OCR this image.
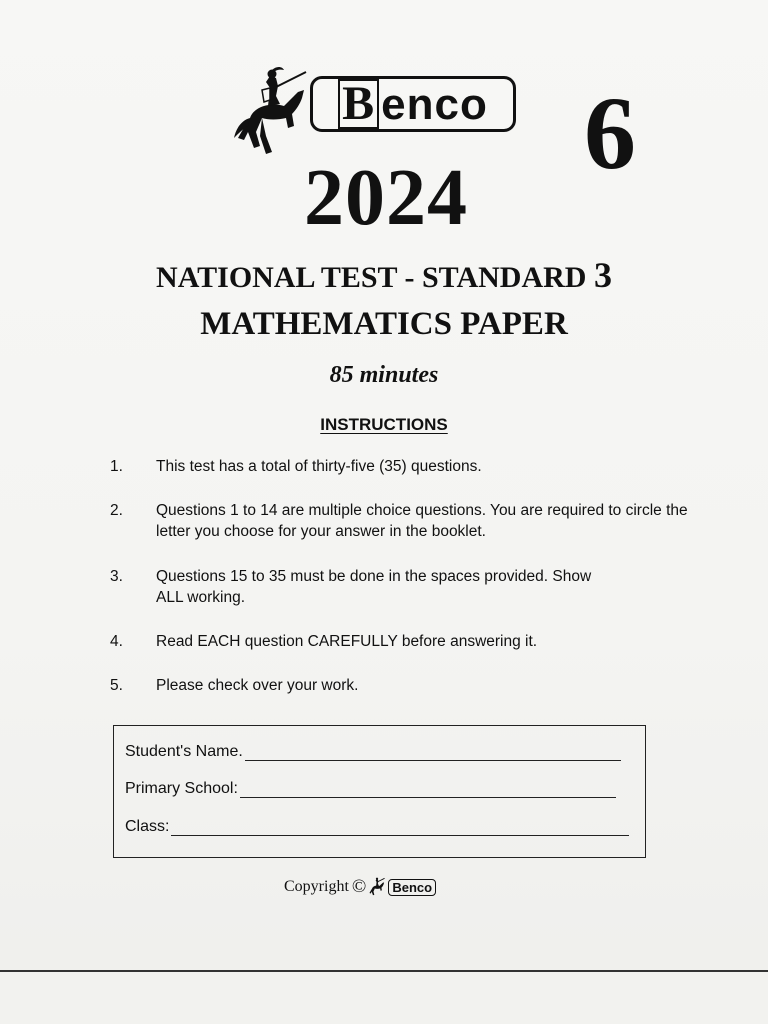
B enco 6
2024
NATIONAL TEST - STANDARD 3
MATHEMATICS PAPER
85 minutes
INSTRUCTIONS
1.	This test has a total of thirty-five (35) questions.
2.	Questions 1 to 14 are multiple choice questions. You are required to circle the letter you choose for your answer in the booklet.
3.	Questions 15 to 35 must be done in the spaces provided. Show ALL working.
4.	Read EACH question CAREFULLY before answering it.
5.	Please check over your work.
Student's Name.
Primary School:
Class:
Copyright ©	Benco
